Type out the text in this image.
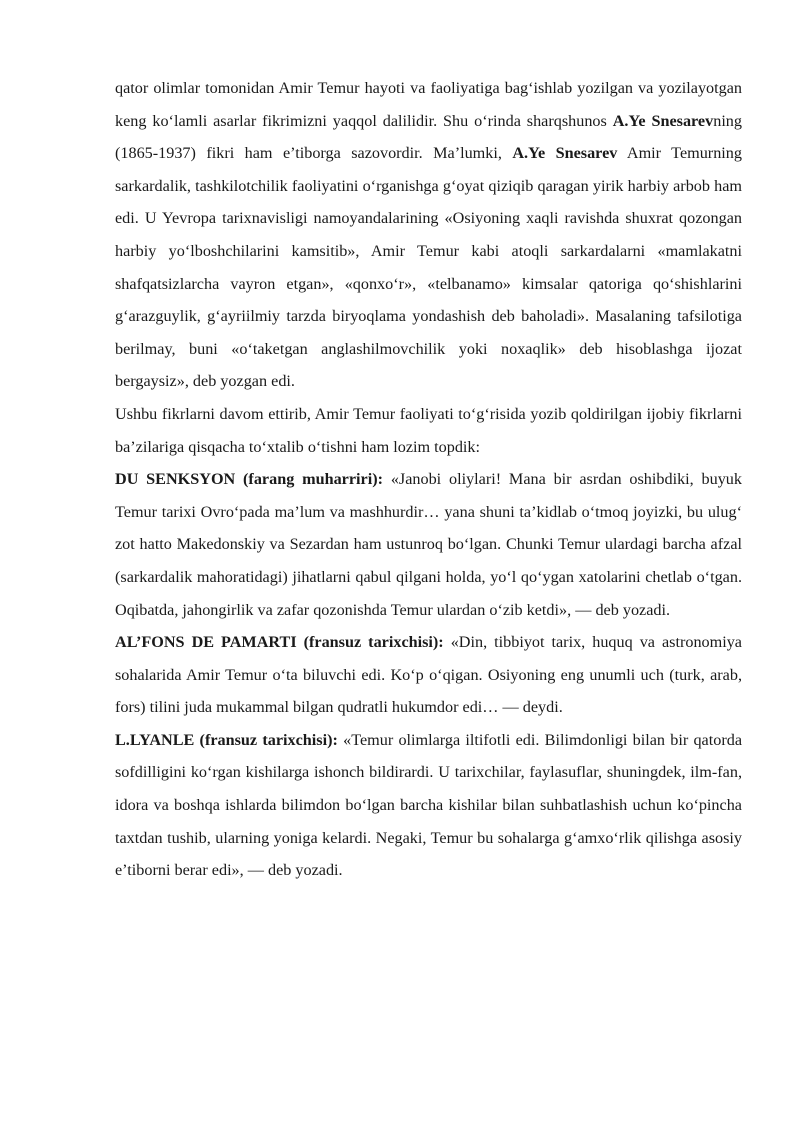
qator olimlar tomonidan Amir Temur hayoti va faoliyatiga bag‘ishlab yozilgan va yozilayotgan keng ko‘lamli asarlar fikrimizni yaqqol dalilidir. Shu o‘rinda sharqshunos A.Ye Snesarevning (1865-1937) fikri ham e’tiborga sazovordir. Ma’lumki, A.Ye Snesarev Amir Temurning sarkardalik, tashkilotchilik faoliyatini o‘rganishga g‘oyat qiziqib qaragan yirik harbiy arbob ham edi. U Yevropa tarixnavisligi namoyandalarining «Osiyoning xaqli ravishda shuxrat qozongan harbiy yo‘lboshchilarini kamsitib», Amir Temur kabi atoqli sarkardalarni «mamlakatni shafqatsizlarcha vayron etgan», «qonxo‘r», «telbanamo» kimsalar qatoriga qo‘shishlarini g‘arazguylik, g‘ayriilmiy tarzda biryoqlama yondashish deb baholadi». Masalaning tafsilotiga berilmay, buni «o‘taketgan anglashilmovchilik yoki noxaqlik» deb hisoblashga ijozat bergaysiz», deb yozgan edi.

Ushbu fikrlarni davom ettirib, Amir Temur faoliyati to‘g‘risida yozib qoldirilgan ijobiy fikrlarni ba’zilariga qisqacha to‘xtalib o‘tishni ham lozim topdik:

DU SENKSYON (farang muharriri): «Janobi oliylari! Mana bir asrdan oshibdiki, buyuk Temur tarixi Ovro‘pada ma’lum va mashhurdir… yana shuni ta’kidlab o‘tmoq joyizki, bu ulug‘ zot hatto Makedonskiy va Sezardan ham ustunroq bo‘lgan. Chunki Temur ulardagi barcha afzal (sarkardalik mahoratidagi) jihatlarni qabul qilgani holda, yo‘l qo‘ygan xatolarini chetlab o‘tgan. Oqibatda, jahongirlik va zafar qozonishda Temur ulardan o‘zib ketdi», — deb yozadi.

AL’FONS DE PAMARTI (fransuz tarixchisi): «Din, tibbiyot tarix, huquq va astronomiya sohalarida Amir Temur o‘ta biluvchi edi. Ko‘p o‘qigan. Osiyoning eng unumli uch (turk, arab, fors) tilini juda mukammal bilgan qudratli hukumdor edi… — deydi.

L.LYANLE (fransuz tarixchisi): «Temur olimlarga iltifotli edi. Bilimdonligi bilan bir qatorda sofdilligini ko‘rgan kishilarga ishonch bildirardi. U tarixchilar, faylasuflar, shuningdek, ilm-fan, idora va boshqa ishlarda bilimdon bo‘lgan barcha kishilar bilan suhbatlashish uchun ko‘pincha taxtdan tushib, ularning yoniga kelardi. Negaki, Temur bu sohalarga g‘amxo‘rlik qilishga asosiy e’tiborni berar edi», — deb yozadi.
